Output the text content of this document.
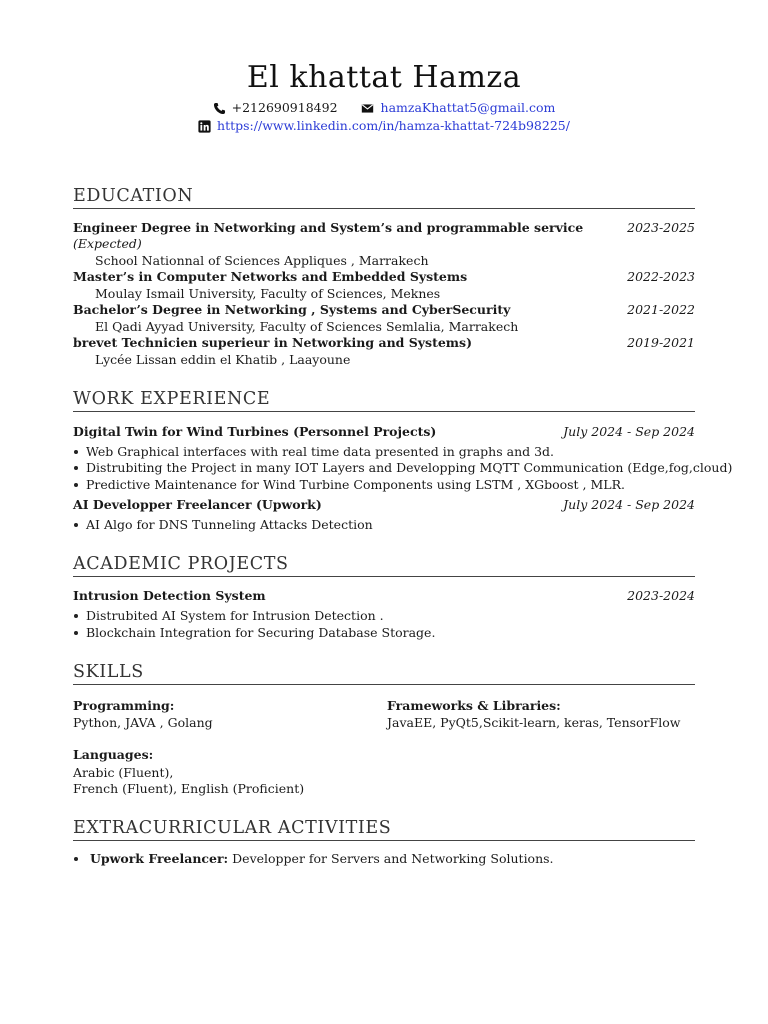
El khattat Hamza
+212690918492
	hamzaKhattat5@gmail.com
https://www.linkedin.com/in/hamza-khattat-724b98225/
EDUCATION
Engineer Degree in Networking and System’s and programmable service	2023-2025
(Expected)
School Nationnal of Sciences Appliques , Marrakech
Master’s in Computer Networks and Embedded Systems	2022-2023
Moulay Ismail University, Faculty of Sciences, Meknes
Bachelor’s Degree in Networking , Systems and CyberSecurity	2021-2022
El Qadi Ayyad University, Faculty of Sciences Semlalia, Marrakech
brevet Technicien superieur in Networking and Systems)	2019-2021
Lycée Lissan eddin el Khatib , Laayoune
WORK EXPERIENCE
Digital Twin for Wind Turbines (Personnel Projects)	July 2024 - Sep 2024
Web Graphical interfaces with real time data presented in graphs and 3d.
Distrubiting the Project in many IOT Layers and Developping MQTT Communication (Edge,fog,cloud)
Predictive Maintenance for Wind Turbine Components using LSTM , XGboost , MLR.
AI Developper Freelancer (Upwork)	July 2024 - Sep 2024
AI Algo for DNS Tunneling Attacks Detection
ACADEMIC PROJECTS
Intrusion Detection System	2023-2024
Distrubited AI System for Intrusion Detection .
Blockchain Integration for Securing Database Storage.
SKILLS
Programming:	Frameworks & Libraries:
Python, JAVA , Golang	JavaEE, PyQt5,Scikit-learn, keras, TensorFlow
Languages:
Arabic (Fluent),
French (Fluent), English (Proficient)
EXTRACURRICULAR ACTIVITIES
Upwork Freelancer: Developper for Servers and Networking Solutions.
